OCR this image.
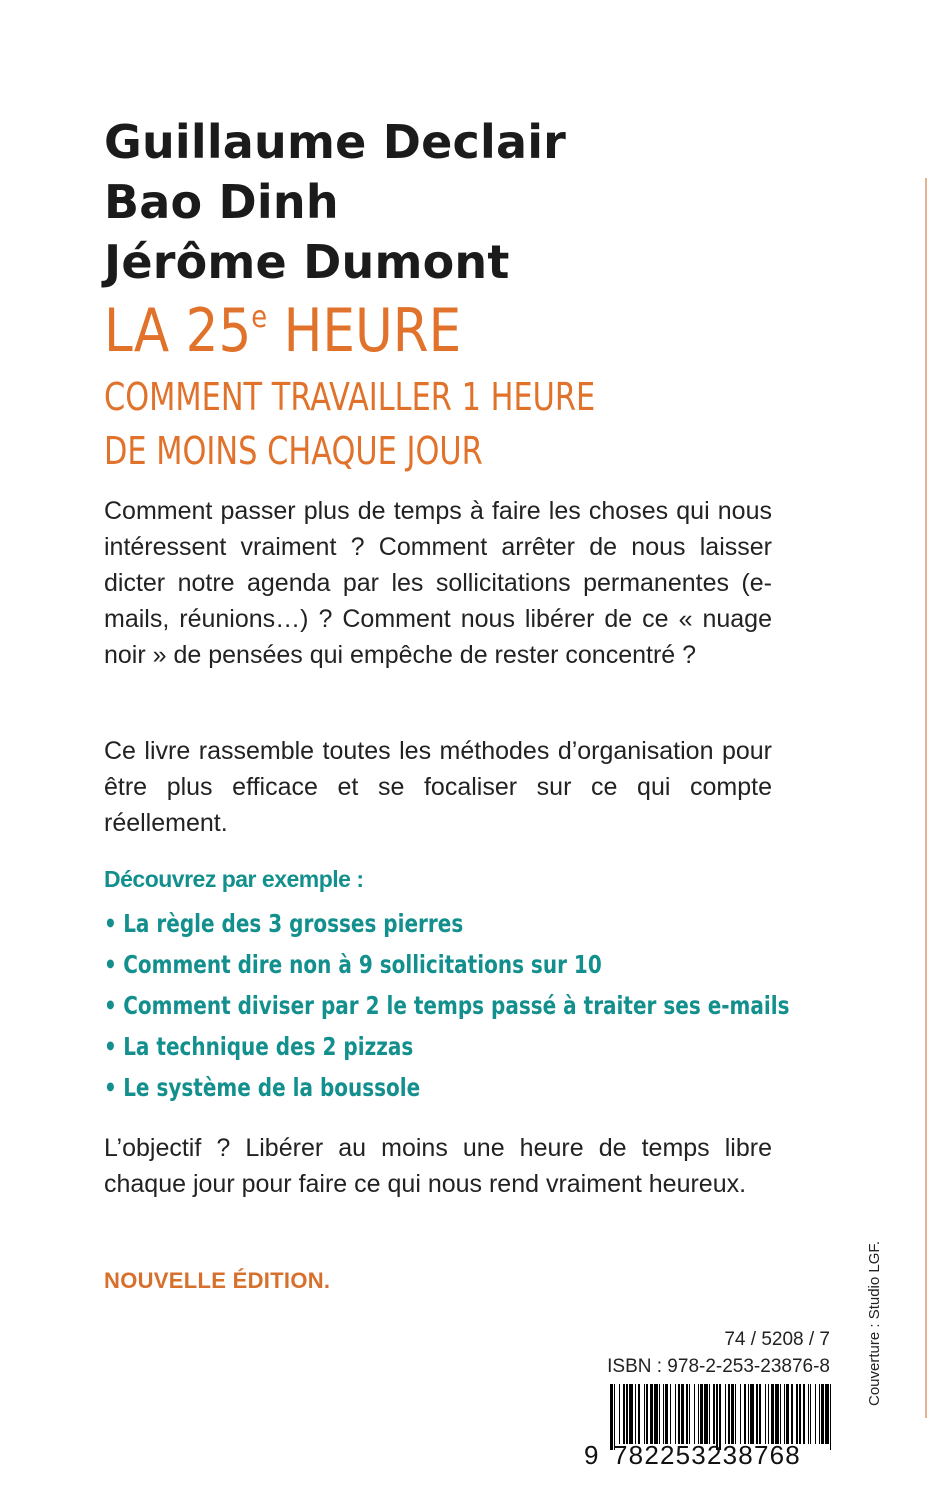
Guillaume Declair
Bao Dinh
Jérôme Dumont
LA 25e HEURE
COMMENT TRAVAILLER 1 HEURE
DE MOINS CHAQUE JOUR
Comment passer plus de temps à faire les choses qui nous intéressent vraiment ? Comment arrêter de nous laisser dicter notre agenda par les sollicitations permanentes (e-mails, réunions…) ? Comment nous libérer de ce « nuage noir » de pensées qui empêche de rester concentré ?
Ce livre rassemble toutes les méthodes d’organisation pour être plus efficace et se focaliser sur ce qui compte réellement.
Découvrez par exemple :
• La règle des 3 grosses pierres
• Comment dire non à 9 sollicitations sur 10
• Comment diviser par 2 le temps passé à traiter ses e-mails
• La technique des 2 pizzas
• Le système de la boussole
L’objectif ? Libérer au moins une heure de temps libre chaque jour pour faire ce qui nous rend vraiment heureux.
NOUVELLE ÉDITION.
74 / 5208 / 7
ISBN : 978-2-253-23876-8
9 782253238768
Couverture : Studio LGF.
